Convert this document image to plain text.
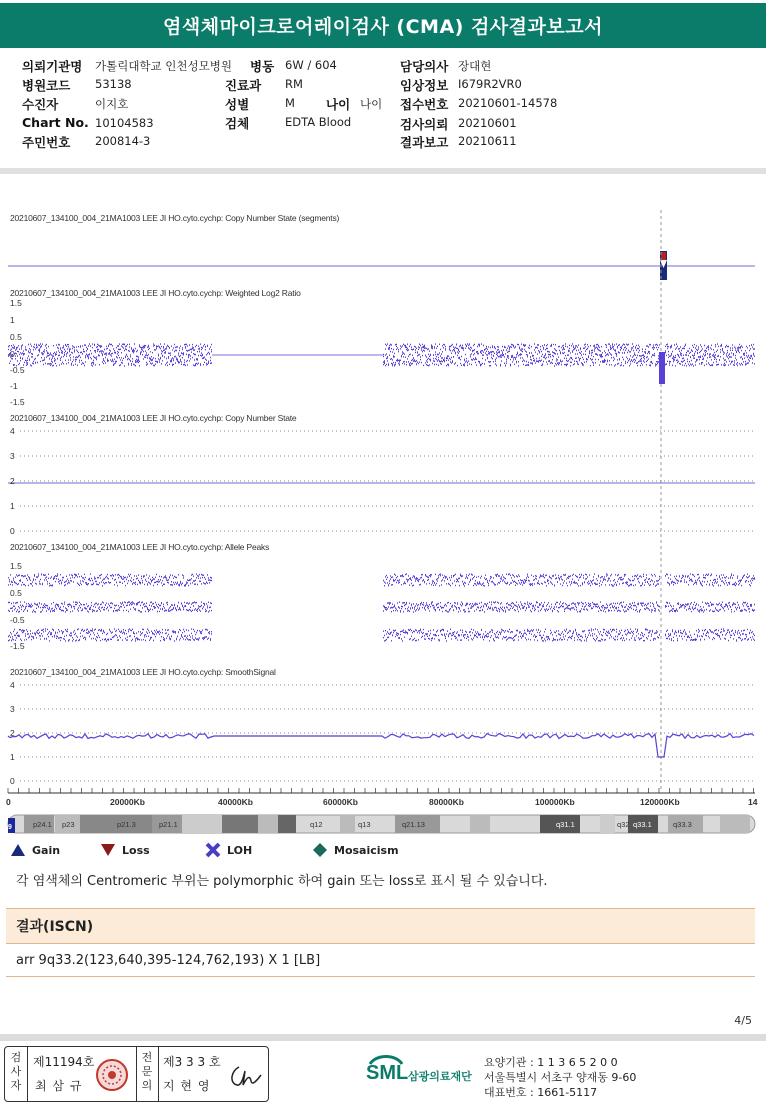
염색체마이크로어레이검사 (CMA) 검사결과보고서
의뢰기관명 가톨릭대학교 인천성모병원 병동 6W / 604	담당의사 장대현
병원코드 53138	진료과 RM	임상정보 I679R2VR0
수진자	이지호	성별	M 나이 나이 접수번호 20210601-14578
Chart No. 10104583	검체	EDTA Blood	검사의뢰 20210601
주민번호 200814-3	결과보고 20210611
20210607_134100_004_21MA1003 LEE JI HO.cyto.cychp: Copy Number State (segments)
20210607_134100_004_21MA1003 LEE JI HO.cyto.cychp: Weighted Log2 Ratio
20210607_134100_004_21MA1003 LEE JI HO.cyto.cychp: Copy Number State
20210607_134100_004_21MA1003 LEE JI HO.cyto.cychp: Allele Peaks
20210607_134100_004_21MA1003 LEE JI HO.cyto.cychp: SmoothSignal
1.5
1
0.5
0
-0.5
-1
-1.5
4
3
2
1
0
1.5
0.5
-0.5
-1.5
4
3
2
1
0
0	20000Kb	40000Kb	60000Kb	80000Kb	100000Kb	120000Kb	14
p24.1 p23	p21.3	p21.1	q12	q13	q21.13	q31.1	q32 q33.1	q33.3
9
Gain	Loss	LOH	Mosaicism
각 염색체의 Centromeric 부위는 polymorphic 하여 gain 또는 loss로 표시 될 수 있습니다.
결과(ISCN)
arr 9q33.2(123,640,395-124,762,193) X 1 [LB]
4/5
검사자
제11194호
최 삼 규
전문의
제3 3 3 호
지 현 영
SML 삼광의료재단
요양기관 : 1 1 3 6 5 2 0 0
서울특별시 서초구 양재동 9-60
대표번호 : 1661-5117
